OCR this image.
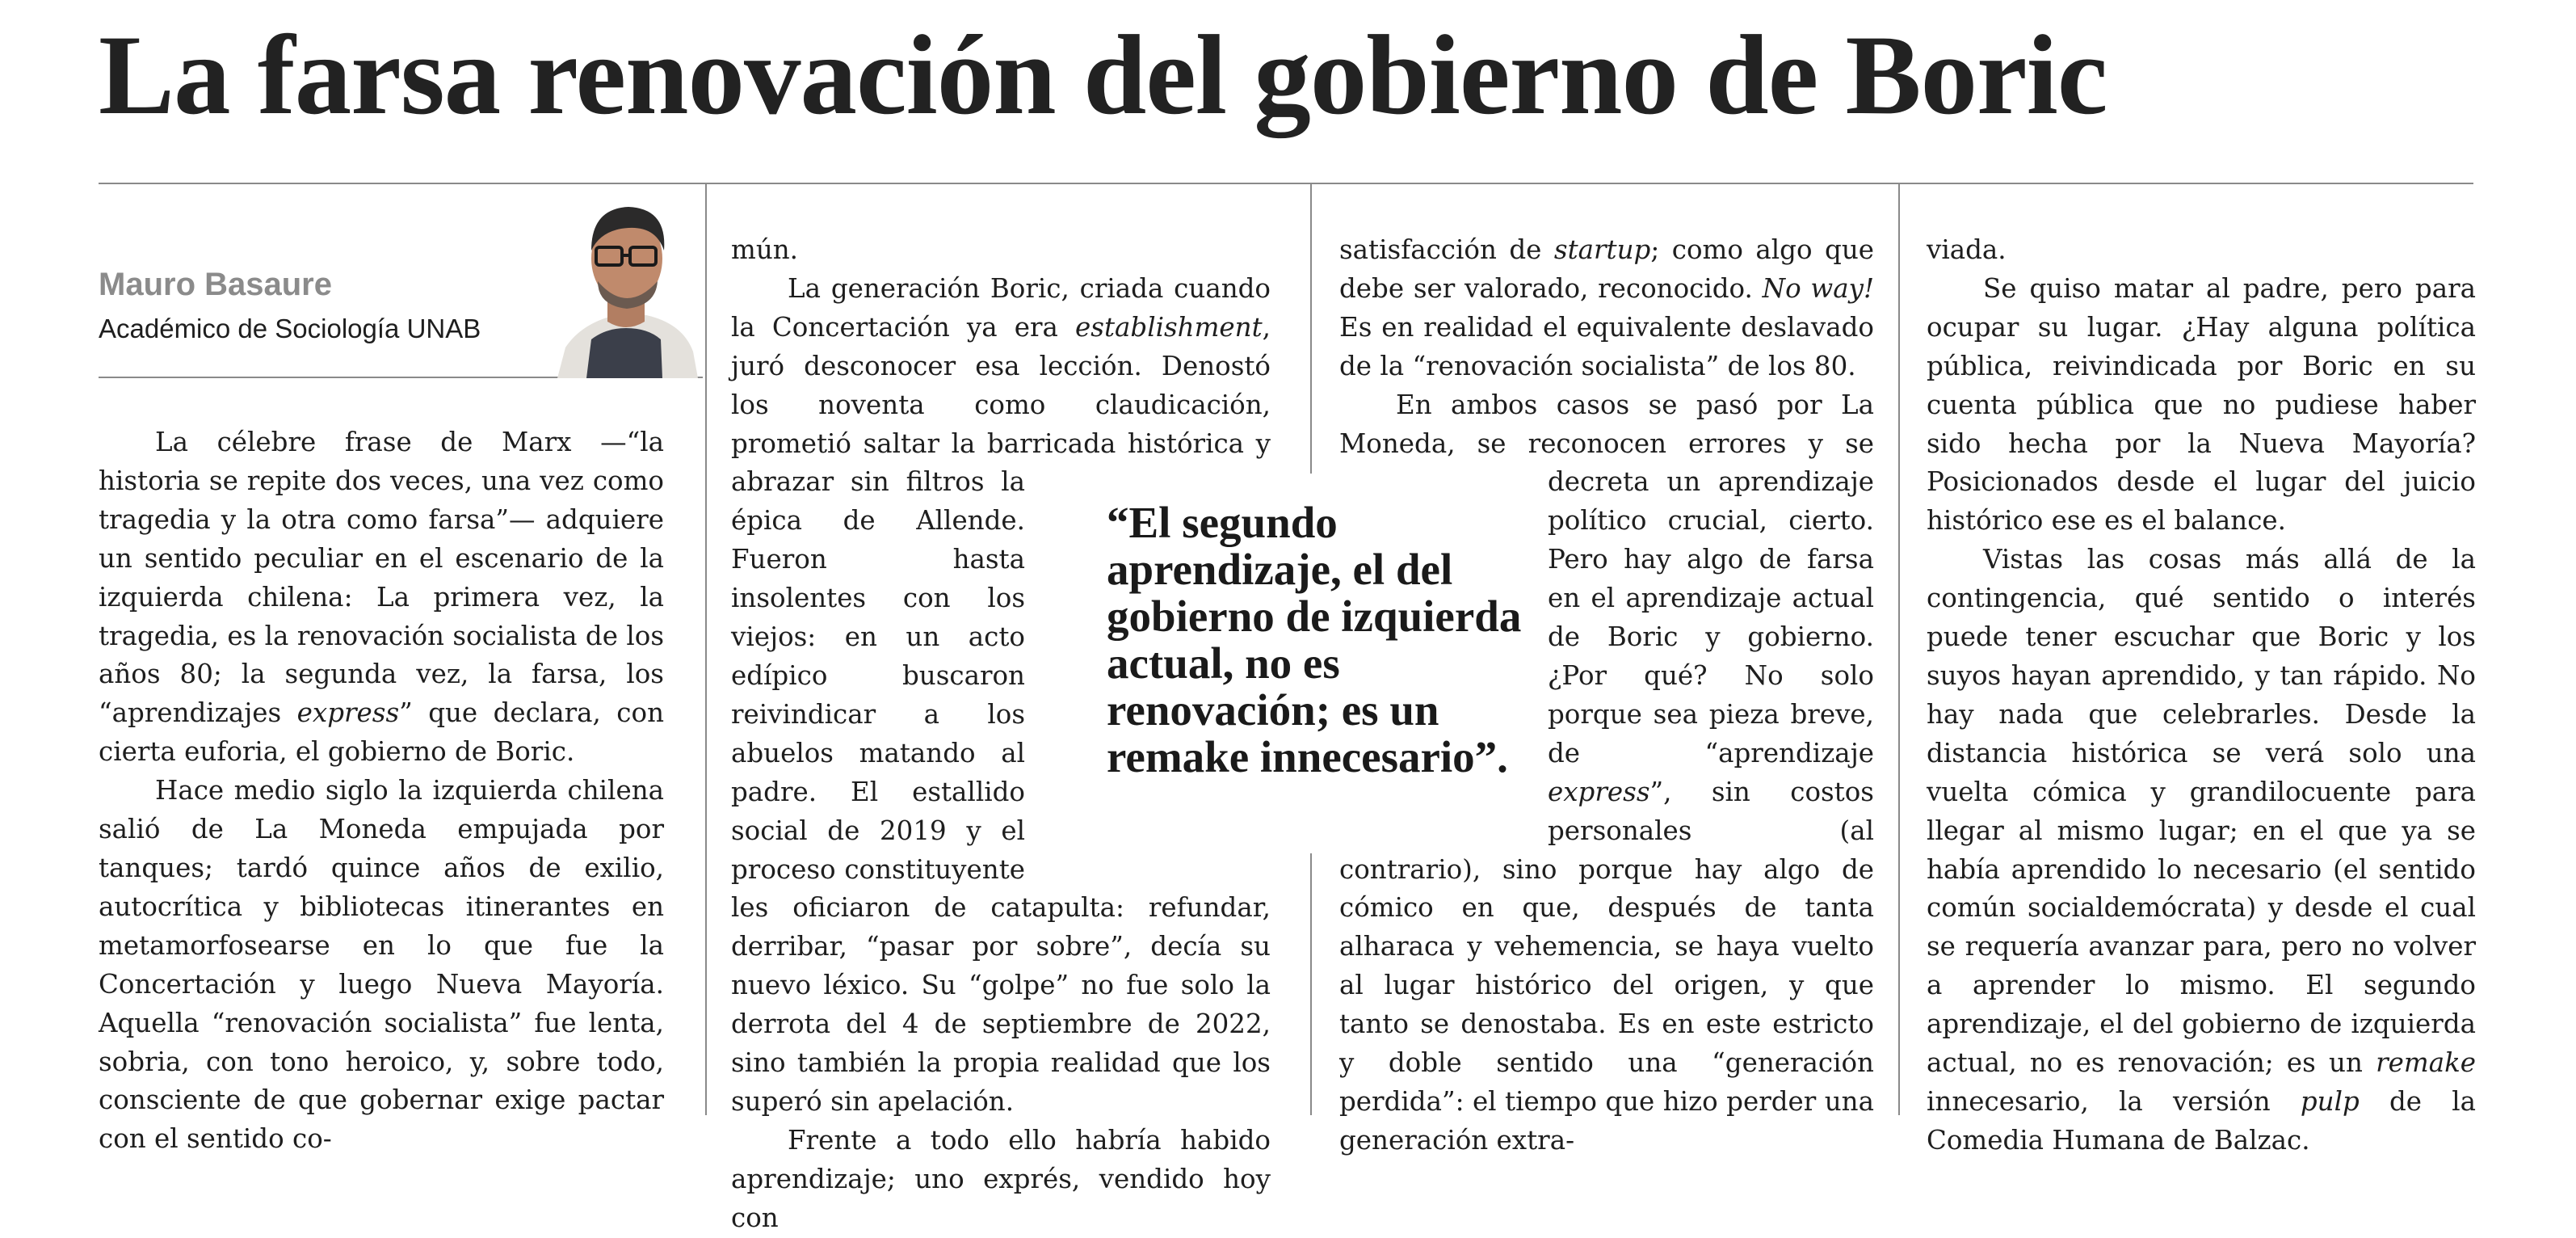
La farsa renovación del gobierno de Boric
Mauro Basaure
Académico de Sociología UNAB

La célebre frase de Marx —“la historia se repite dos veces, una vez como tragedia y la otra como farsa”— adquiere un sentido peculiar en el escenario de la izquierda chilena: La primera vez, la tragedia, es la renovación socialista de los años 80; la segunda vez, la farsa, los “aprendizajes express” que declara, con cierta euforia, el gobierno de Boric.

Hace medio siglo la izquierda chilena salió de La Moneda empujada por tanques; tardó quince años de exilio, autocrítica y bibliotecas itinerantes en metamorfosearse en lo que fue la Concertación y luego Nueva Mayoría. Aquella “renovación socialista” fue lenta, sobria, con tono heroico, y, sobre todo, consciente de que gobernar exige pactar con el sentido co-

mún.

La generación Boric, criada cuando la Concertación ya era establishment, juró desconocer esa lección. Denostó los noventa como claudicación, prometió saltar la barricada histórica y abrazar sin filtros la épica de Allende. Fueron hasta insolentes con los viejos: en un acto edípico buscaron reivindicar a los abuelos matando al padre. El estallido social de 2019 y el proceso constituyente les oficiaron de catapulta: refundar, derribar, “pasar por sobre”, decía su nuevo léxico. Su “golpe” no fue solo la derrota del 4 de septiembre de 2022, sino también la propia realidad que los superó sin apelación.

Frente a todo ello habría habido aprendizaje; uno exprés, vendido hoy con

satisfacción de startup; como algo que debe ser valorado, reconocido. No way! Es en realidad el equivalente deslavado de la “renovación socialista” de los 80.

En ambos casos se pasó por La Moneda, se reconocen errores y se decreta un aprendizaje político crucial, cierto. Pero hay algo de farsa en el aprendizaje actual de Boric y gobierno. ¿Por qué? No solo porque sea pieza breve, de “aprendizaje express”, sin costos personales (al contrario), sino porque hay algo de cómico en que, después de tanta alharaca y vehemencia, se haya vuelto al lugar histórico del origen, y que tanto se denostaba. Es en este estricto y doble sentido una “generación perdida”: el tiempo que hizo perder una generación extra-

viada.

Se quiso matar al padre, pero para ocupar su lugar. ¿Hay alguna política pública, reivindicada por Boric en su cuenta pública que no pudiese haber sido hecha por la Nueva Mayoría? Posicionados desde el lugar del juicio histórico ese es el balance.

Vistas las cosas más allá de la contingencia, qué sentido o interés puede tener escuchar que Boric y los suyos hayan aprendido, y tan rápido. No hay nada que celebrarles. Desde la distancia histórica se verá solo una vuelta cómica y grandilocuente para llegar al mismo lugar; en el que ya se había aprendido lo necesario (el sentido común socialdemócrata) y desde el cual se requería avanzar para, pero no volver a aprender lo mismo. El segundo aprendizaje, el del gobierno de izquierda actual, no es renovación; es un remake innecesario, la versión pulp de la Comedia Humana de Balzac.

“El segundo aprendizaje, el del gobierno de izquierda actual, no es renovación; es un remake innecesario”.
